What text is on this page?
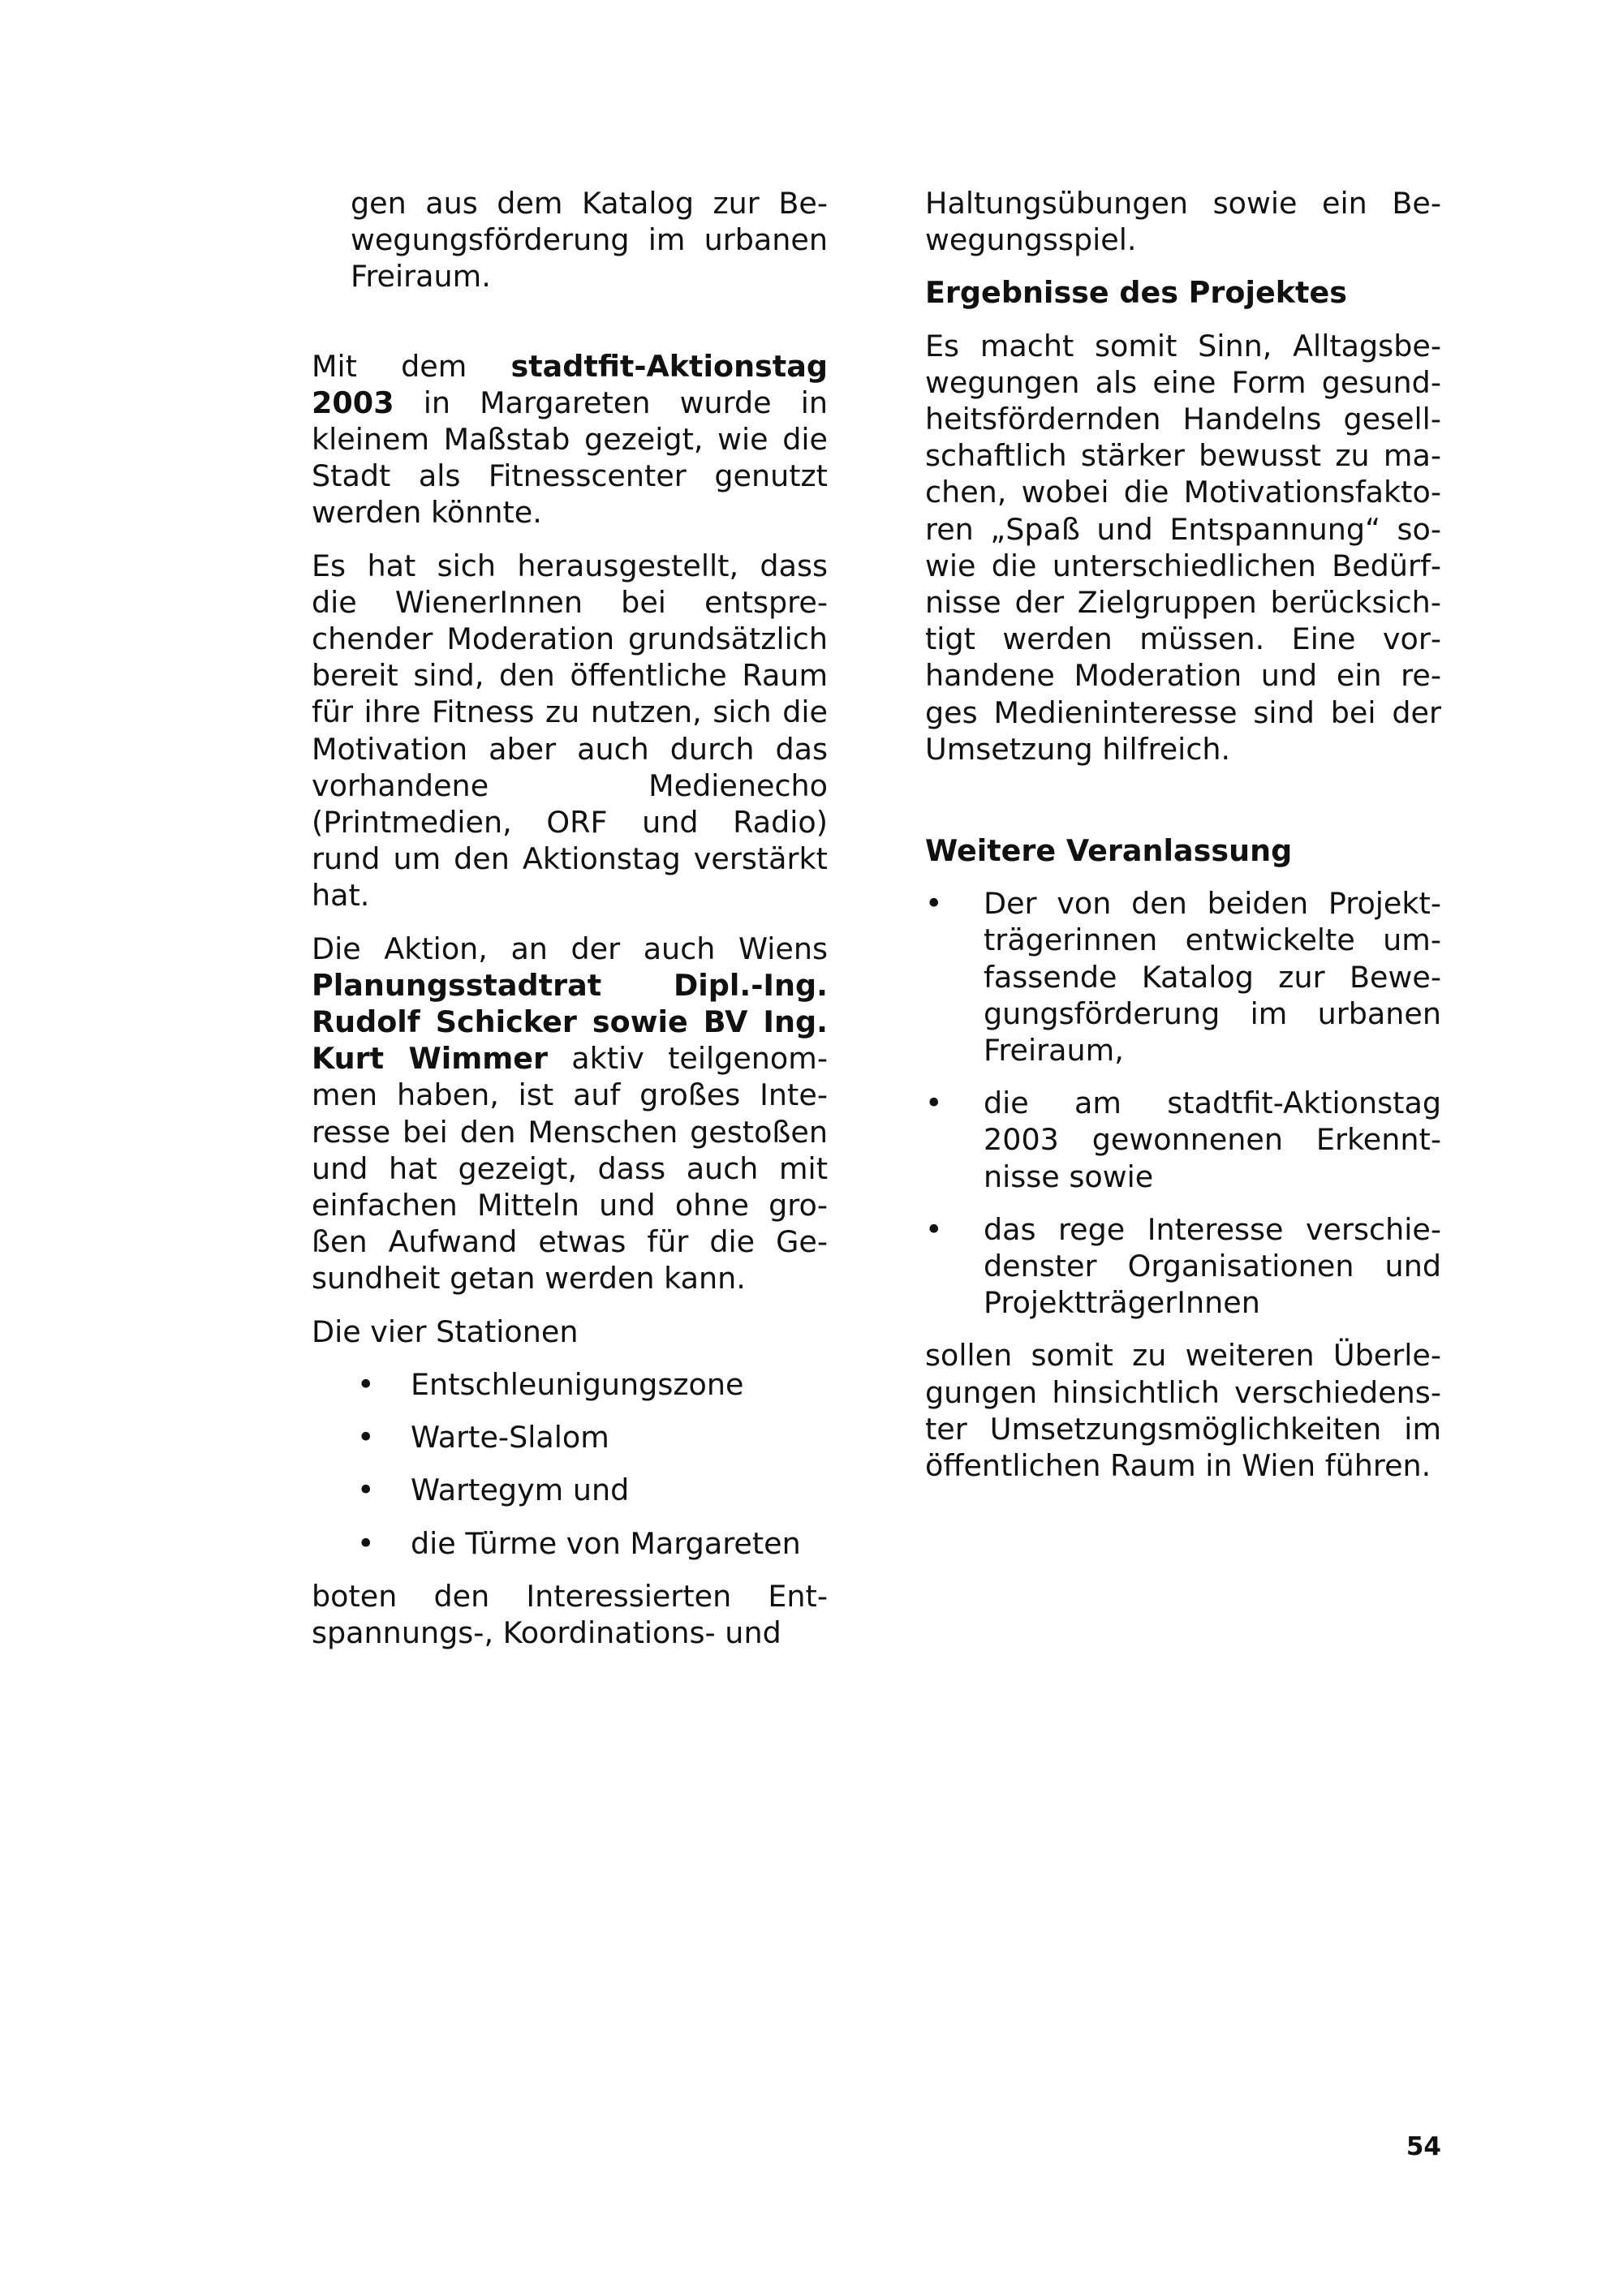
gen aus dem Katalog zur Bewegungsförderung im urbanen Freiraum.

Mit dem stadtfit-Aktionstag 2003 in Margareten wurde in kleinem Maßstab gezeigt, wie die Stadt als Fitnesscenter genutzt werden könnte.

Es hat sich herausgestellt, dass die WienerInnen bei entsprechender Moderation grundsätzlich bereit sind, den öffentliche Raum für ihre Fitness zu nutzen, sich die Motivation aber auch durch das vorhandene Medienecho (Printmedien, ORF und Radio) rund um den Aktionstag verstärkt hat.

Die Aktion, an der auch Wiens Planungsstadtrat Dipl.-Ing. Rudolf Schicker sowie BV Ing. Kurt Wimmer aktiv teilgenommen haben, ist auf großes Interesse bei den Menschen gestoßen und hat gezeigt, dass auch mit einfachen Mitteln und ohne großen Aufwand etwas für die Gesundheit getan werden kann.

Die vier Stationen

• Entschleunigungszone
• Warte-Slalom
• Wartegym und
• die Türme von Margareten

boten den Interessierten Entspannungs-, Koordinations- und

Haltungsübungen sowie ein Bewegungsspiel.

Ergebnisse des Projektes

Es macht somit Sinn, Alltagsbewegungen als eine Form gesundheitsfördernden Handelns gesellschaftlich stärker bewusst zu machen, wobei die Motivationsfaktoren „Spaß und Entspannung“ sowie die unterschiedlichen Bedürfnisse der Zielgruppen berücksichtigt werden müssen. Eine vorhandene Moderation und ein reges Medieninteresse sind bei der Umsetzung hilfreich.

Weitere Veranlassung
• Der von den beiden Projektträgerinnen entwickelte umfassende Katalog zur Bewegungsförderung im urbanen Freiraum,
• die am stadtfit-Aktionstag 2003 gewonnenen Erkenntnisse sowie
• das rege Interesse verschiedenster Organisationen und ProjektträgerInnen

sollen somit zu weiteren Überlegungen hinsichtlich verschiedenster Umsetzungsmöglichkeiten im öffentlichen Raum in Wien führen.

54
